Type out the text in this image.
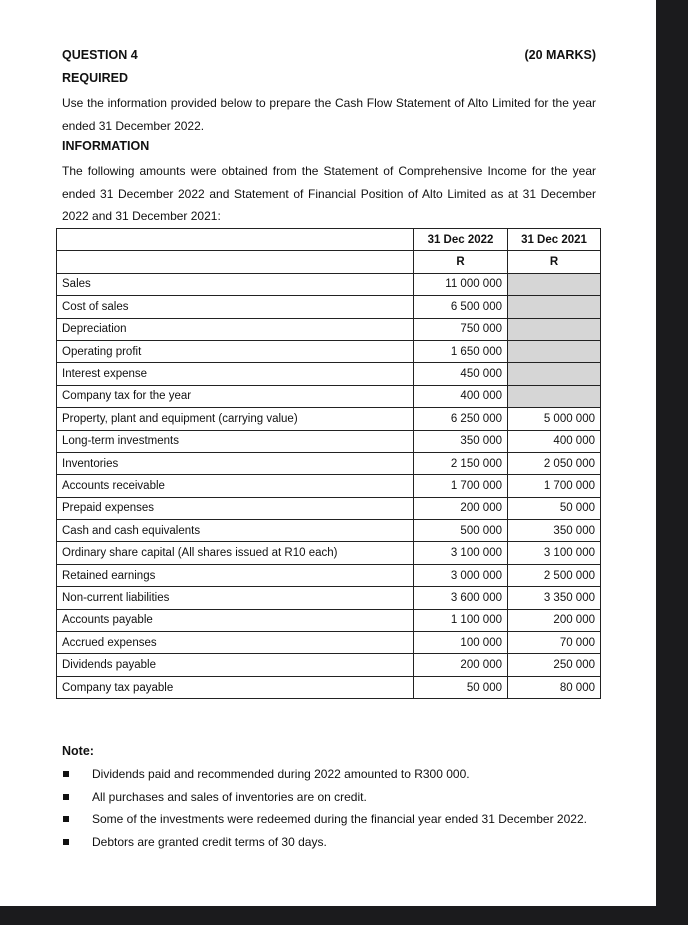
QUESTION 4	(20 MARKS)
REQUIRED
Use the information provided below to prepare the Cash Flow Statement of Alto Limited for the year ended 31 December 2022.
INFORMATION
The following amounts were obtained from the Statement of Comprehensive Income for the year ended 31 December 2022 and Statement of Financial Position of Alto Limited as at 31 December 2022 and 31 December 2021:
	31 Dec 2022	31 Dec 2021
	R	R
Sales	11 000 000	
Cost of sales	6 500 000	
Depreciation	750 000	
Operating profit	1 650 000	
Interest expense	450 000	
Company tax for the year	400 000	
Property, plant and equipment (carrying value)	6 250 000	5 000 000
Long-term investments	350 000	400 000
Inventories	2 150 000	2 050 000
Accounts receivable	1 700 000	1 700 000
Prepaid expenses	200 000	50 000
Cash and cash equivalents	500 000	350 000
Ordinary share capital (All shares issued at R10 each)	3 100 000	3 100 000
Retained earnings	3 000 000	2 500 000
Non-current liabilities	3 600 000	3 350 000
Accounts payable	1 100 000	200 000
Accrued expenses	100 000	70 000
Dividends payable	200 000	250 000
Company tax payable	50 000	80 000
Note:
Dividends paid and recommended during 2022 amounted to R300 000.
All purchases and sales of inventories are on credit.
Some of the investments were redeemed during the financial year ended 31 December 2022.
Debtors are granted credit terms of 30 days.
